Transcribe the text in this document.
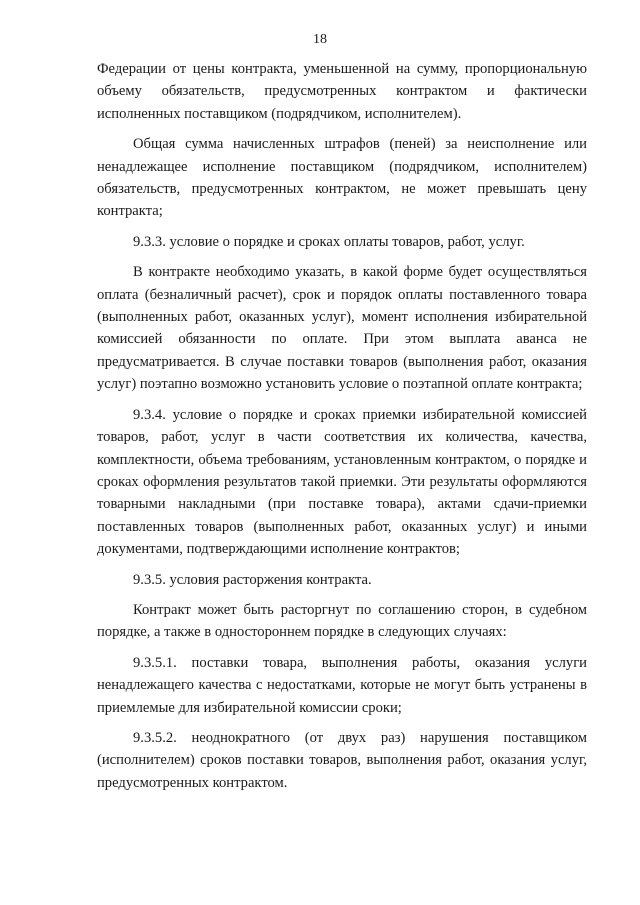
18

Федерации от цены контракта, уменьшенной на сумму, пропорциональную объему обязательств, предусмотренных контрактом и фактически исполненных поставщиком (подрядчиком, исполнителем).

Общая сумма начисленных штрафов (пеней) за неисполнение или ненадлежащее исполнение поставщиком (подрядчиком, исполнителем) обязательств, предусмотренных контрактом, не может превышать цену контракта;

9.3.3. условие о порядке и сроках оплаты товаров, работ, услуг.

В контракте необходимо указать, в какой форме будет осуществляться оплата (безналичный расчет), срок и порядок оплаты поставленного товара (выполненных работ, оказанных услуг), момент исполнения избирательной комиссией обязанности по оплате. При этом выплата аванса не предусматривается. В случае поставки товаров (выполнения работ, оказания услуг) поэтапно возможно установить условие о поэтапной оплате контракта;

9.3.4. условие о порядке и сроках приемки избирательной комиссией товаров, работ, услуг в части соответствия их количества, качества, комплектности, объема требованиям, установленным контрактом, о порядке и сроках оформления результатов такой приемки. Эти результаты оформляются товарными накладными (при поставке товара), актами сдачи-приемки поставленных товаров (выполненных работ, оказанных услуг) и иными документами, подтверждающими исполнение контрактов;

9.3.5. условия расторжения контракта.

Контракт может быть расторгнут по соглашению сторон, в судебном порядке, а также в одностороннем порядке в следующих случаях:

9.3.5.1. поставки товара, выполнения работы, оказания услуги ненадлежащего качества с недостатками, которые не могут быть устранены в приемлемые для избирательной комиссии сроки;

9.3.5.2. неоднократного (от двух раз) нарушения поставщиком (исполнителем) сроков поставки товаров, выполнения работ, оказания услуг, предусмотренных контрактом.
